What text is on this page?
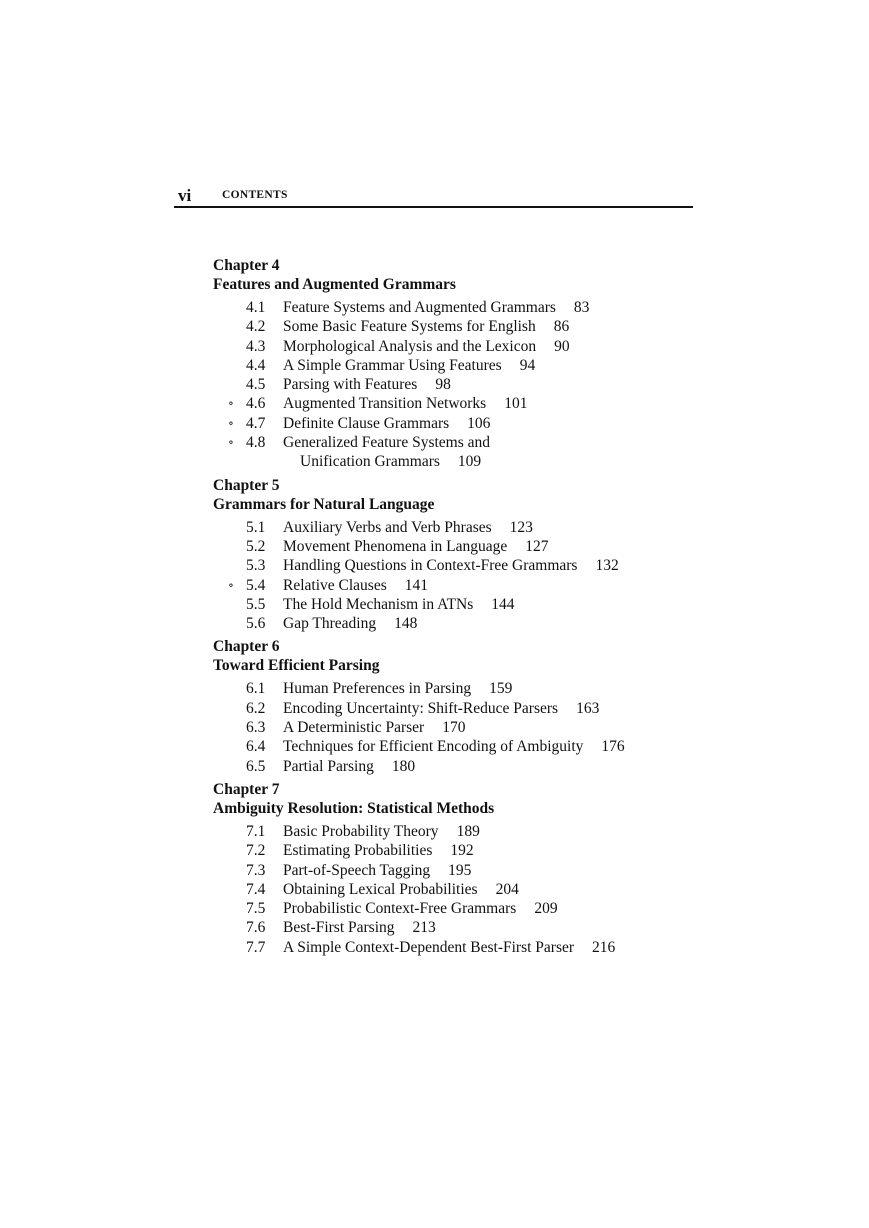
vi	CONTENTS
Chapter 4
Features and Augmented Grammars
4.1 Feature Systems and Augmented Grammars 83
4.2 Some Basic Feature Systems for English 86
4.3 Morphological Analysis and the Lexicon 90
4.4 A Simple Grammar Using Features 94
4.5 Parsing with Features 98
∘ 4.6 Augmented Transition Networks 101
∘ 4.7 Definite Clause Grammars 106
∘ 4.8 Generalized Feature Systems and
Unification Grammars 109
Chapter 5
Grammars for Natural Language
5.1 Auxiliary Verbs and Verb Phrases 123
5.2 Movement Phenomena in Language 127
5.3 Handling Questions in Context-Free Grammars 132
∘ 5.4 Relative Clauses 141
5.5 The Hold Mechanism in ATNs 144
5.6 Gap Threading 148
Chapter 6
Toward Efficient Parsing
6.1 Human Preferences in Parsing 159
6.2 Encoding Uncertainty: Shift-Reduce Parsers 163
6.3 A Deterministic Parser 170
6.4 Techniques for Efficient Encoding of Ambiguity 176
6.5 Partial Parsing 180
Chapter 7
Ambiguity Resolution: Statistical Methods
7.1 Basic Probability Theory 189
7.2 Estimating Probabilities 192
7.3 Part-of-Speech Tagging 195
7.4 Obtaining Lexical Probabilities 204
7.5 Probabilistic Context-Free Grammars 209
7.6 Best-First Parsing 213
7.7 A Simple Context-Dependent Best-First Parser 216
